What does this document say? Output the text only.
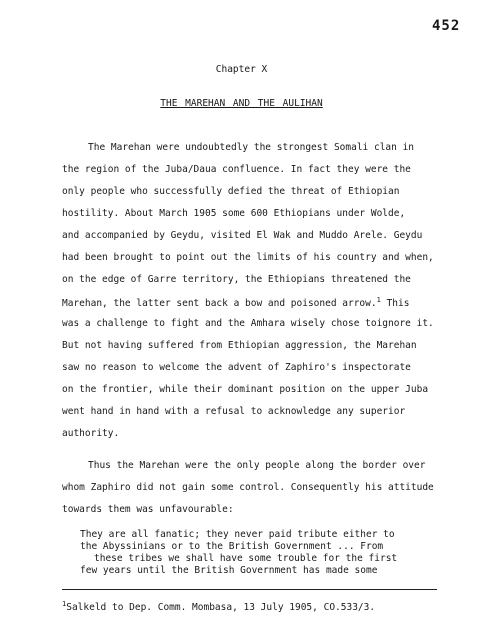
452
Chapter X
THE MAREHAN AND THE AULIHAN
The Marehan were undoubtedly the strongest Somali clan in
the region of the Juba/Daua confluence. In fact they were the
only people who successfully defied the threat of Ethiopian
hostility. About March 1905 some 600 Ethiopians under Wolde,
and accompanied by Geydu, visited El Wak and Muddo Arele. Geydu
had been brought to point out the limits of his country and when,
on the edge of Garre territory, the Ethiopians threatened the
Marehan, the latter sent back a bow and poisoned arrow.$^1$ This
was a challenge to fight and the Amhara wisely chose toignore it.
But not having suffered from Ethiopian aggression, the Marehan
saw no reason to welcome the advent of Zaphiro's inspectorate
on the frontier, while their dominant position on the upper Juba
went hand in hand with a refusal to acknowledge any superior
authority.
Thus the Marehan were the only people along the border over
whom Zaphiro did not gain some control. Consequently his attitude
towards them was unfavourable:
They are all fanatic; they never paid tribute either to
the Abyssinians or to the British Government ... From
these tribes we shall have some trouble for the first
few years until the British Government has made some
$^1$Salkeld to Dep. Comm. Mombasa, 13 July 1905, CO.533/3.
